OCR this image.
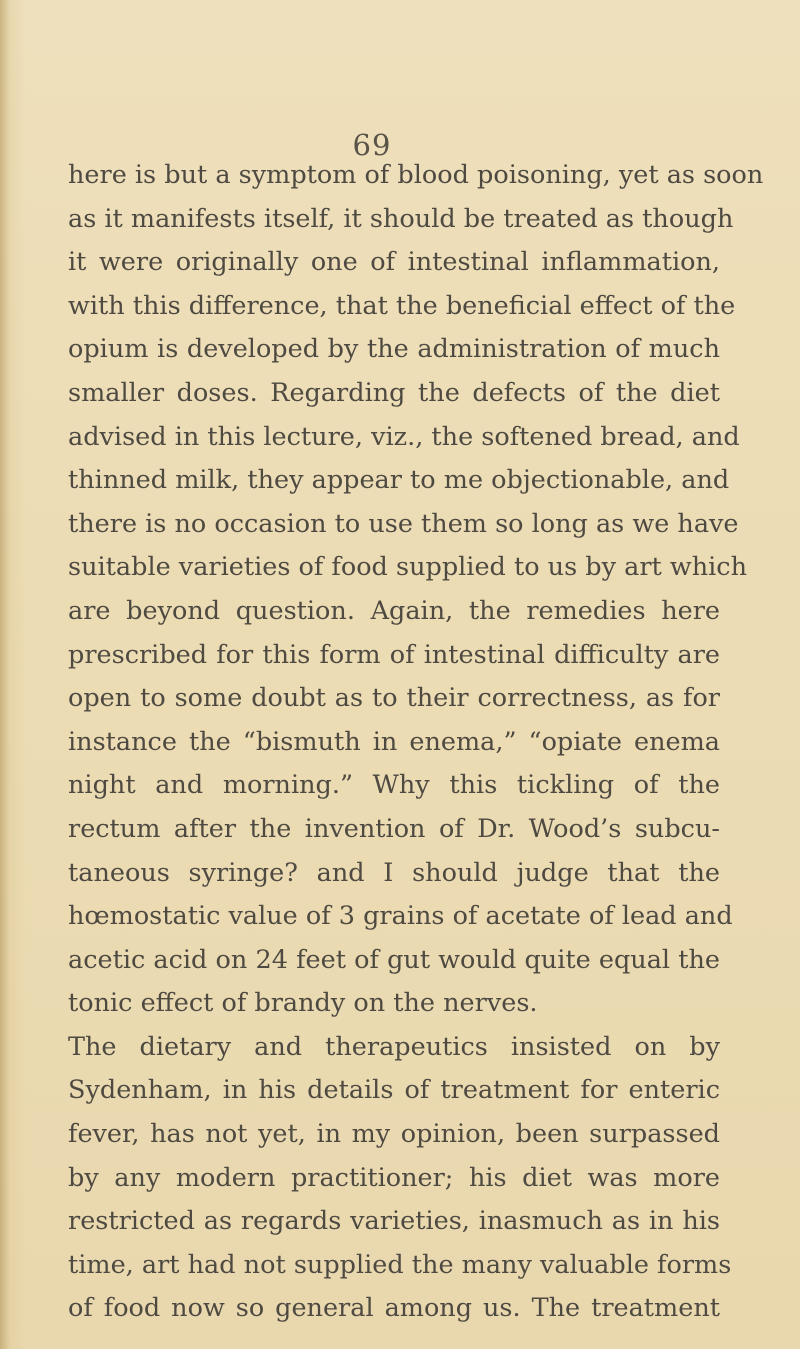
69
here is but a symptom of blood poisoning, yet as soon
as it manifests itself, it should be treated as though
it were originally one of intestinal inflammation,
with this difference, that the beneficial effect of the
opium is developed by the administration of much
smaller doses. Regarding the defects of the diet
advised in this lecture, viz., the softened bread, and
thinned milk, they appear to me objectionable, and
there is no occasion to use them so long as we have
suitable varieties of food supplied to us by art which
are beyond question. Again, the remedies here
prescribed for this form of intestinal difficulty are
open to some doubt as to their correctness, as for
instance the “bismuth in enema,” “opiate enema
night and morning.” Why this tickling of the
rectum after the invention of Dr. Wood’s subcu-
taneous syringe? and I should judge that the
hœmostatic value of 3 grains of acetate of lead and
acetic acid on 24 feet of gut would quite equal the
tonic effect of brandy on the nerves.
The dietary and therapeutics insisted on by
Sydenham, in his details of treatment for enteric
fever, has not yet, in my opinion, been surpassed
by any modern practitioner; his diet was more
restricted as regards varieties, inasmuch as in his
time, art had not supplied the many valuable forms
of food now so general among us. The treatment
